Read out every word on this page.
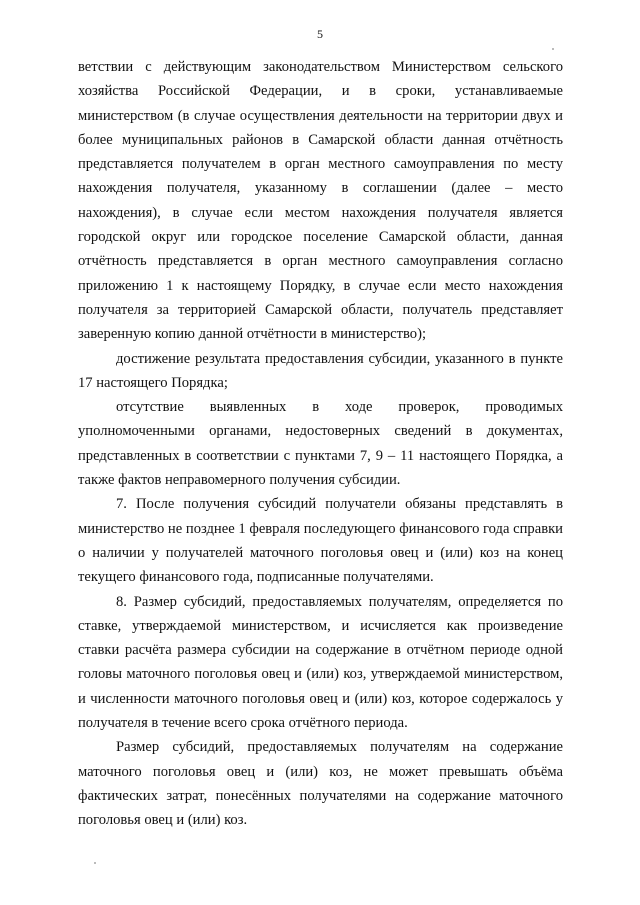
5

ветствии с действующим законодательством Министерством сельского хозяйства Российской Федерации, и в сроки, устанавливаемые министерством (в случае осуществления деятельности на территории двух и более муниципальных районов в Самарской области данная отчётность представляется получателем в орган местного самоуправления по месту нахождения получателя, указанному в соглашении (далее – место нахождения), в случае если местом нахождения получателя является городской округ или городское поселение Самарской области, данная отчётность представляется в орган местного самоуправления согласно приложению 1 к настоящему Порядку, в случае если место нахождения получателя за территорией Самарской области, получатель представляет заверенную копию данной отчётности в министерство);

достижение результата предоставления субсидии, указанного в пункте 17 настоящего Порядка;

отсутствие выявленных в ходе проверок, проводимых уполномоченными органами, недостоверных сведений в документах, представленных в соответствии с пунктами 7, 9 – 11 настоящего Порядка, а также фактов неправомерного получения субсидии.

7. После получения субсидий получатели обязаны представлять в министерство не позднее 1 февраля последующего финансового года справки о наличии у получателей маточного поголовья овец и (или) коз на конец текущего финансового года, подписанные получателями.

8. Размер субсидий, предоставляемых получателям, определяется по ставке, утверждаемой министерством, и исчисляется как произведение ставки расчёта размера субсидии на содержание в отчётном периоде одной головы маточного поголовья овец и (или) коз, утверждаемой министерством, и численности маточного поголовья овец и (или) коз, которое содержалось у получателя в течение всего срока отчётного периода.

Размер субсидий, предоставляемых получателям на содержание маточного поголовья овец и (или) коз, не может превышать объёма фактических затрат, понесённых получателями на содержание маточного поголовья овец и (или) коз.
